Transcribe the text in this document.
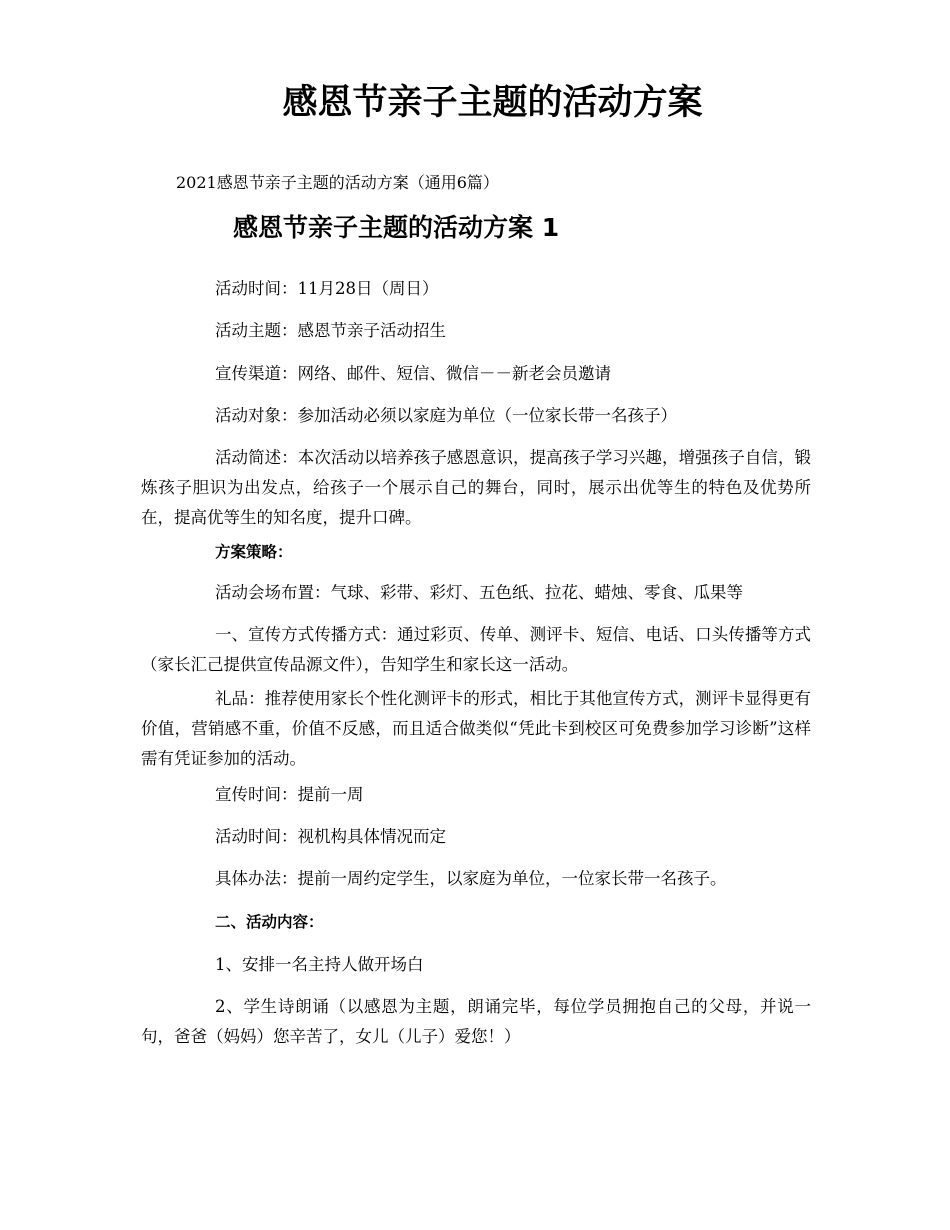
感恩节亲子主题的活动方案
2021感恩节亲子主题的活动方案（通用6篇）
感恩节亲子主题的活动方案 1

活动时间：11月28日（周日）

活动主题：感恩节亲子活动招生

宣传渠道：网络、邮件、短信、微信－－新老会员邀请

活动对象：参加活动必须以家庭为单位（一位家长带一名孩子）

活动简述：本次活动以培养孩子感恩意识，提高孩子学习兴趣，增强孩子自信，锻炼孩子胆识为出发点，给孩子一个展示自己的舞台，同时，展示出优等生的特色及优势所在，提高优等生的知名度，提升口碑。

方案策略：

活动会场布置：气球、彩带、彩灯、五色纸、拉花、蜡烛、零食、瓜果等

一、宣传方式传播方式：通过彩页、传单、测评卡、短信、电话、口头传播等方式（家长汇己提供宣传品源文件），告知学生和家长这一活动。

礼品：推荐使用家长个性化测评卡的形式，相比于其他宣传方式，测评卡显得更有价值，营销感不重，价值不反感，而且适合做类似“凭此卡到校区可免费参加学习诊断”这样需有凭证参加的活动。

宣传时间：提前一周

活动时间：视机构具体情况而定

具体办法：提前一周约定学生，以家庭为单位，一位家长带一名孩子。

二、活动内容：

1、安排一名主持人做开场白

2、学生诗朗诵（以感恩为主题，朗诵完毕，每位学员拥抱自己的父母，并说一句，爸爸（妈妈）您辛苦了，女儿（儿子）爱您！）
